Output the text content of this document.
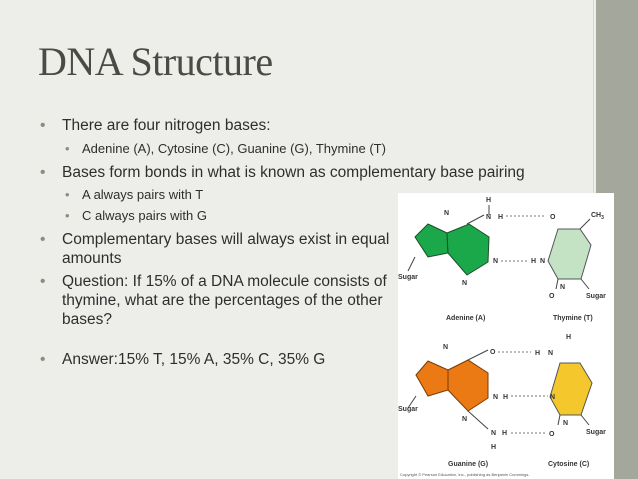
DNA Structure
• There are four nitrogen bases:
• Adenine (A), Cytosine (C), Guanine (G), Thymine (T)
• Bases form bonds in what is known as complementary base pairing
• A always pairs with T
• C always pairs with G
• Complementary bases will always exist in equal amounts
• Question: If 15% of a DNA molecule consists of thymine, what are the percentages of the other bases?
• Answer:15% T, 15% A, 35% C, 35% G
H
N H
N
N
N
Sugar
Adenine (A)
O	$CH_3$
H N
N
O	Sugar
Thymine (T)
O
N
N H
N
N H
H
Sugar
Guanine (G)
H
H N
N
N
O	Sugar
Cytosine (C)
Copyright © Pearson Education, Inc., publishing as Benjamin Cummings.
